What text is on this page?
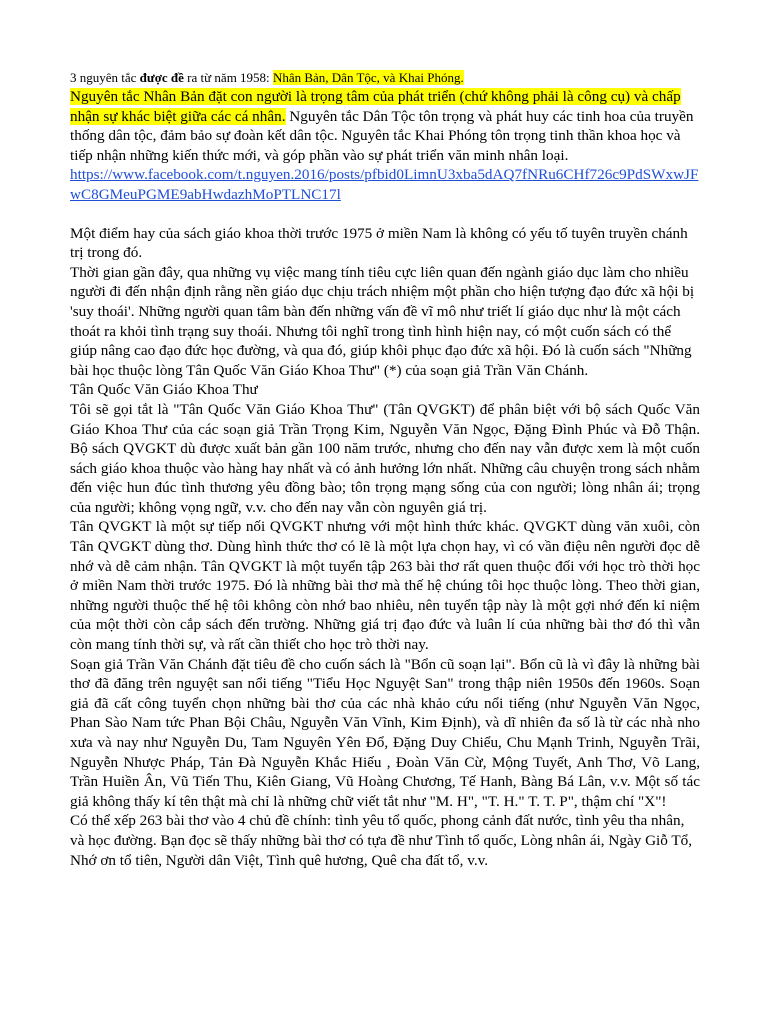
3 nguyên tắc được đề ra từ năm 1958: Nhân Bản, Dân Tộc, và Khai Phóng.

Nguyên tắc Nhân Bản đặt con người là trọng tâm của phát triển (chứ không phải là công cụ) và chấp nhận sự khác biệt giữa các cá nhân. Nguyên tắc Dân Tộc tôn trọng và phát huy các tinh hoa của truyền thống dân tộc, đảm bảo sự đoàn kết dân tộc. Nguyên tắc Khai Phóng tôn trọng tinh thần khoa học và tiếp nhận những kiến thức mới, và góp phần vào sự phát triển văn minh nhân loại.

https://www.facebook.com/t.nguyen.2016/posts/pfbid0LimnU3xba5dAQ7fNRu6CHf726c9PdSWxwJFwC8GMeuPGME9abHwdazhMoPTLNC17l

Một điểm hay của sách giáo khoa thời trước 1975 ở miền Nam là không có yếu tố tuyên truyền chánh trị trong đó.

Thời gian gần đây, qua những vụ việc mang tính tiêu cực liên quan đến ngành giáo dục làm cho nhiều người đi đến nhận định rằng nền giáo dục chịu trách nhiệm một phần cho hiện tượng đạo đức xã hội bị 'suy thoái'. Những người quan tâm bàn đến những vấn đề vĩ mô như triết lí giáo dục như là một cách thoát ra khỏi tình trạng suy thoái. Nhưng tôi nghĩ trong tình hình hiện nay, có một cuốn sách có thể giúp nâng cao đạo đức học đường, và qua đó, giúp khôi phục đạo đức xã hội. Đó là cuốn sách "Những bài học thuộc lòng Tân Quốc Văn Giáo Khoa Thư" (*) của soạn giả Trần Văn Chánh.

Tân Quốc Văn Giáo Khoa Thư

Tôi sẽ gọi tắt là "Tân Quốc Văn Giáo Khoa Thư" (Tân QVGKT) để phân biệt với bộ sách Quốc Văn Giáo Khoa Thư của các soạn giả Trần Trọng Kim, Nguyễn Văn Ngọc, Đặng Đình Phúc và Đỗ Thận. Bộ sách QVGKT dù được xuất bản gần 100 năm trước, nhưng cho đến nay vẫn được xem là một cuốn sách giáo khoa thuộc vào hàng hay nhất và có ảnh hưởng lớn nhất. Những câu chuyện trong sách nhằm đến việc hun đúc tình thương yêu đồng bào; tôn trọng mạng sống của con người; lòng nhân ái; trọng của người; không vọng ngữ, v.v. cho đến nay vẫn còn nguyên giá trị.

Tân QVGKT là một sự tiếp nối QVGKT nhưng với một hình thức khác. QVGKT dùng văn xuôi, còn Tân QVGKT dùng thơ. Dùng hình thức thơ có lẽ là một lựa chọn hay, vì có vần điệu nên người đọc dễ nhớ và dễ cảm nhận. Tân QVGKT là một tuyển tập 263 bài thơ rất quen thuộc đối với học trò thời học ở miền Nam thời trước 1975. Đó là những bài thơ mà thế hệ chúng tôi học thuộc lòng. Theo thời gian, những người thuộc thế hệ tôi không còn nhớ bao nhiêu, nên tuyển tập này là một gợi nhớ đến kỉ niệm của một thời còn cắp sách đến trường. Những giá trị đạo đức và luân lí của những bài thơ đó thì vẫn còn mang tính thời sự, và rất cần thiết cho học trò thời nay.

Soạn giả Trần Văn Chánh đặt tiêu đề cho cuốn sách là "Bổn cũ soạn lại". Bổn cũ là vì đây là những bài thơ đã đăng trên nguyệt san nổi tiếng "Tiểu Học Nguyệt San" trong thập niên 1950s đến 1960s. Soạn giả đã cất công tuyển chọn những bài thơ của các nhà khảo cứu nổi tiếng (như Nguyễn Văn Ngọc, Phan Sào Nam tức Phan Bội Châu, Nguyễn Văn Vĩnh, Kim Định), và dĩ nhiên đa số là từ các nhà nho xưa và nay như Nguyễn Du, Tam Nguyên Yên Đổ, Đặng Duy Chiểu, Chu Mạnh Trinh, Nguyễn Trãi, Nguyễn Nhược Pháp, Tản Đà Nguyễn Khắc Hiếu , Đoàn Văn Cừ, Mộng Tuyết, Anh Thơ, Võ Lang, Trần Huiền Ân, Vũ Tiến Thu, Kiên Giang, Vũ Hoàng Chương, Tế Hanh, Bàng Bá Lân, v.v. Một số tác giả không thấy kí tên thật mà chỉ là những chữ viết tắt như "M. H", "T. H." T. T. P", thậm chí "X"!

Có thể xếp 263 bài thơ vào 4 chủ đề chính: tình yêu tổ quốc, phong cảnh đất nước, tình yêu tha nhân, và học đường. Bạn đọc sẽ thấy những bài thơ có tựa đề như Tình tổ quốc, Lòng nhân ái, Ngày Giỗ Tổ, Nhớ ơn tổ tiên, Người dân Việt, Tình quê hương, Quê cha đất tổ, v.v.
